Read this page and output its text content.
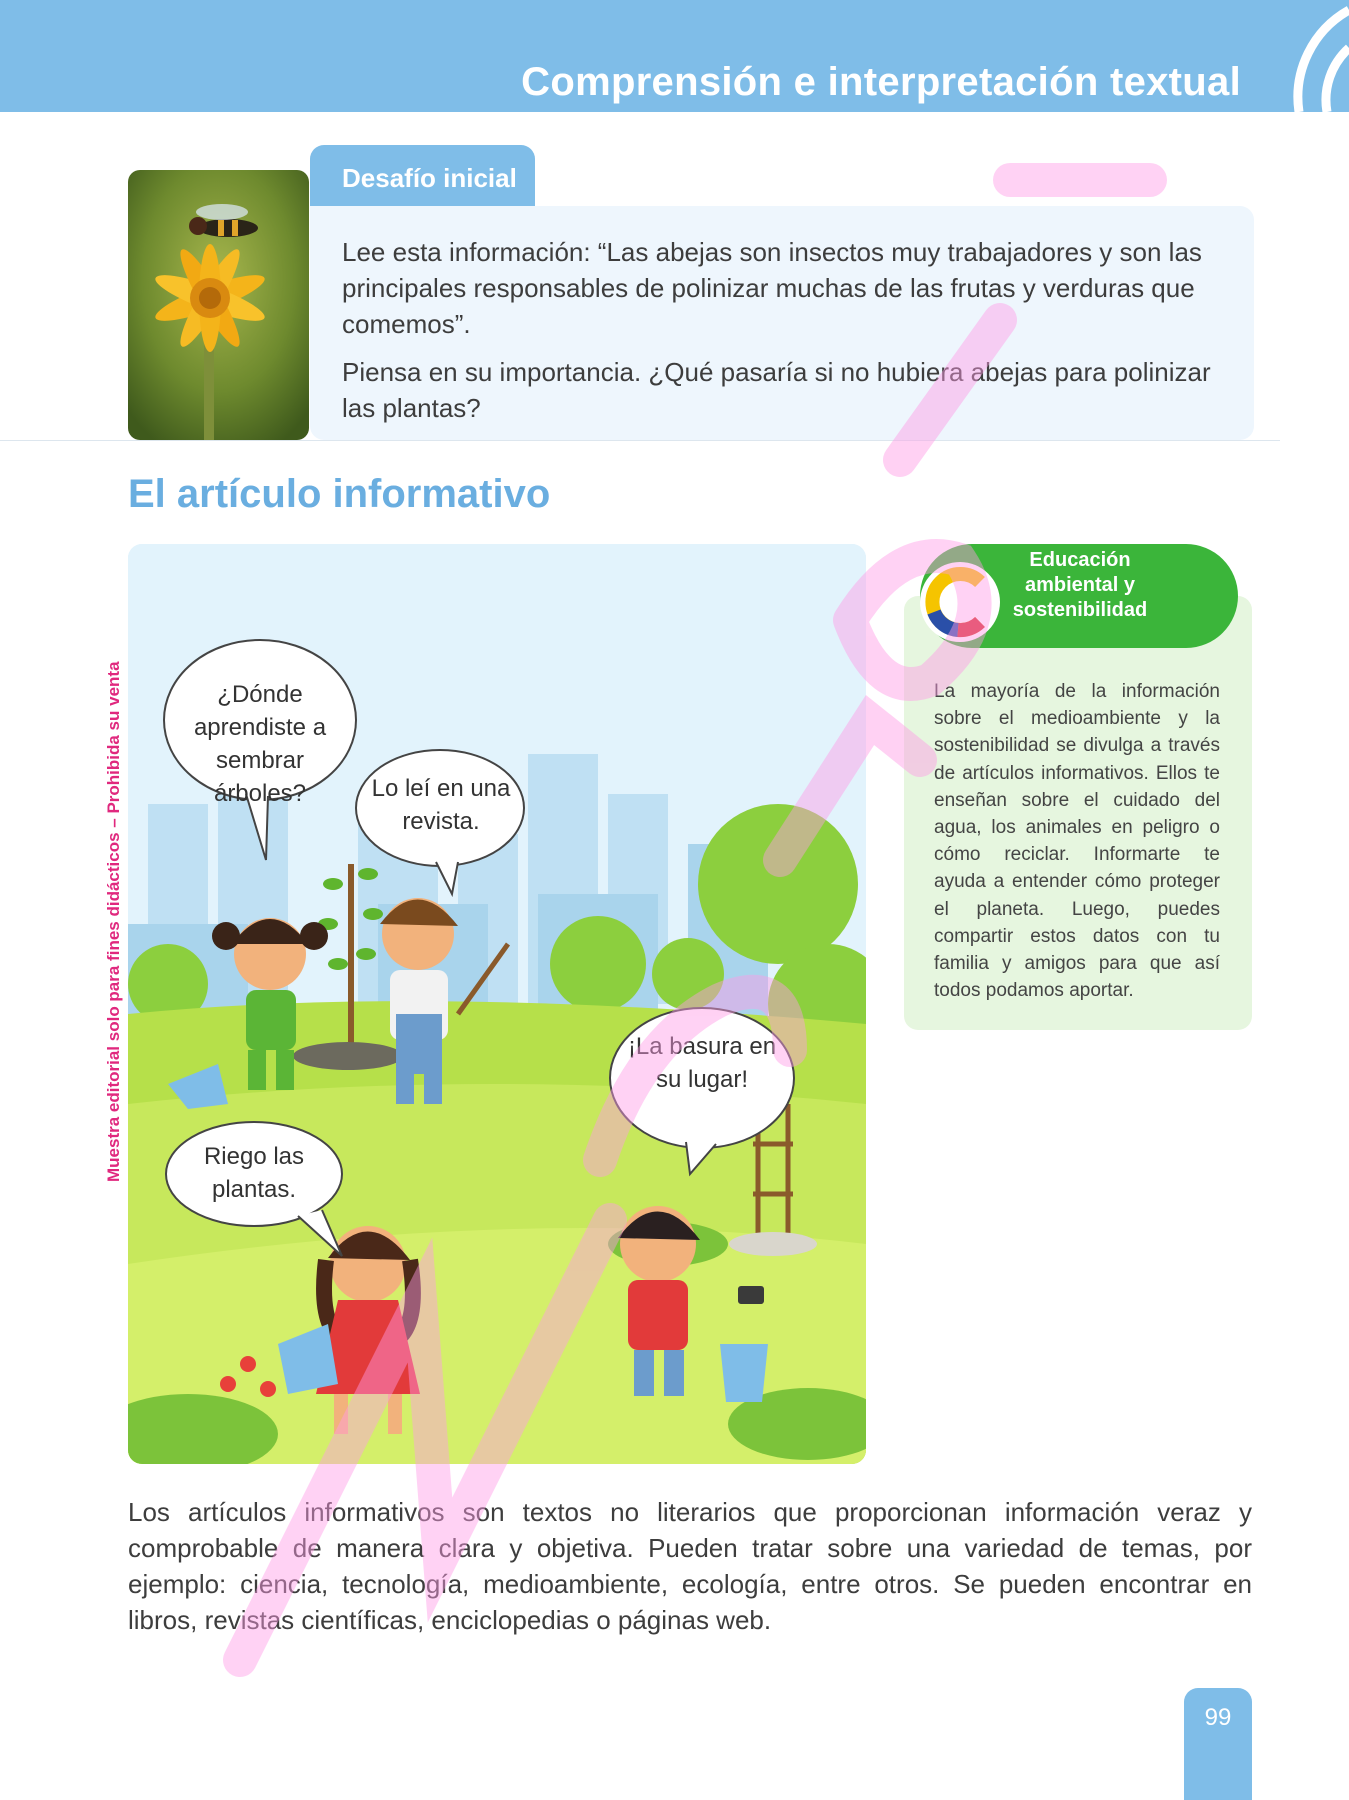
Comprensión e interpretación textual
Desafío inicial

Lee esta información: “Las abejas son insectos muy trabajadores y son las principales responsables de polinizar muchas de las frutas y verduras que comemos”.

Piensa en su importancia. ¿Qué pasaría si no hubiera abejas para polinizar las plantas?

El artículo informativo
¿Dónde aprendiste a sembrar árboles?	Lo leí en una revista.
¡La basura en su lugar!
Riego las plantas.
Educación ambiental y sostenibilidad
La mayoría de la información sobre el medioambiente y la sostenibilidad se divulga a través de artículos informativos. Ellos te enseñan sobre el cuidado del agua, los animales en peligro o cómo reciclar. Informarte te ayuda a entender cómo proteger el planeta. Luego, puedes compartir estos datos con tu familia y amigos para que así todos podamos aportar.
Los artículos informativos son textos no literarios que proporcionan información veraz y comprobable de manera clara y objetiva. Pueden tratar sobre una variedad de temas, por ejemplo: ciencia, tecnología, medioambiente, ecología, entre otros. Se pueden encontrar en libros, revistas científicas, enciclopedias o páginas web.
Muestra editorial solo para fines didácticos – Prohibida su venta
99
